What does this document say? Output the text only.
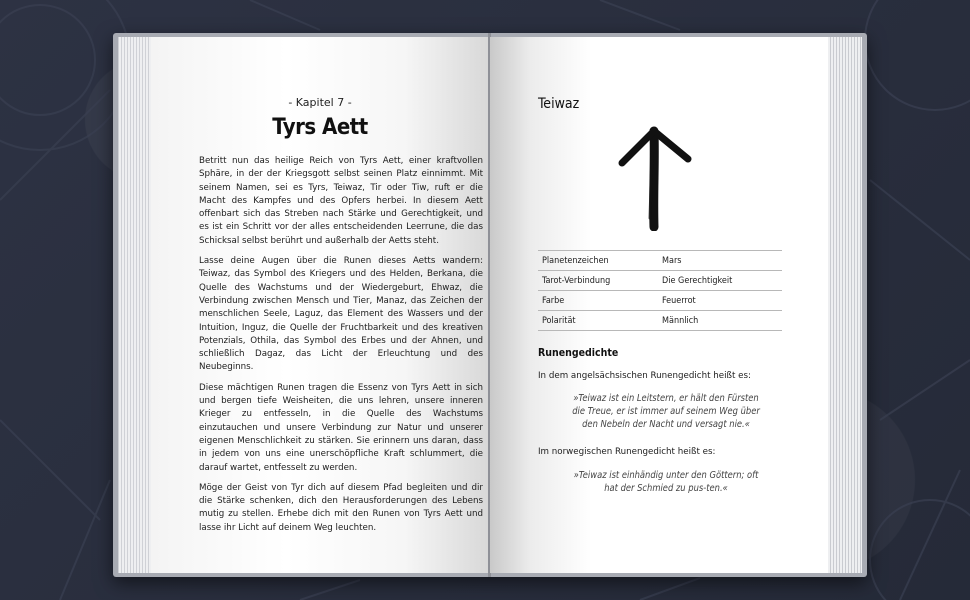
- Kapitel 7 -
Tyrs Aett

Betritt nun das heilige Reich von Tyrs Aett, einer kraftvollen Sphäre, in der der Kriegsgott selbst seinen Platz einnimmt. Mit seinem Namen, sei es Tyrs, Teiwaz, Tir oder Tiw, ruft er die Macht des Kampfes und des Opfers herbei. In diesem Aett offenbart sich das Streben nach Stärke und Gerechtigkeit, und es ist ein Schritt vor der alles entscheidenden Leerrune, die das Schicksal selbst berührt und außerhalb der Aetts steht.

Lasse deine Augen über die Runen dieses Aetts wandern: Teiwaz, das Symbol des Kriegers und des Helden, Berkana, die Quelle des Wachstums und der Wiedergeburt, Ehwaz, die Verbindung zwischen Mensch und Tier, Manaz, das Zeichen der menschlichen Seele, Laguz, das Element des Wassers und der Intuition, Inguz, die Quelle der Fruchtbarkeit und des kreativen Potenzials, Othila, das Symbol des Erbes und der Ahnen, und schließlich Dagaz, das Licht der Erleuchtung und des Neubeginns.

Diese mächtigen Runen tragen die Essenz von Tyrs Aett in sich und bergen tiefe Weisheiten, die uns lehren, unsere inneren Krieger zu entfesseln, in die Quelle des Wachstums einzutauchen und unsere Verbindung zur Natur und unserer eigenen Menschlichkeit zu stärken. Sie erinnern uns daran, dass in jedem von uns eine unerschöpfliche Kraft schlummert, die darauf wartet, entfesselt zu werden.

Möge der Geist von Tyr dich auf diesem Pfad begleiten und dir die Stärke schenken, dich den Herausforderungen des Lebens mutig zu stellen. Erhebe dich mit den Runen von Tyrs Aett und lasse ihr Licht auf deinem Weg leuchten.

Teiwaz
Planetenzeichen	Mars
Tarot-Verbindung	Die Gerechtigkeit
Farbe	Feuerrot
Polarität	Männlich
Runengedichte
In dem angelsächsischen Runengedicht heißt es:
»Teiwaz ist ein Leitstern, er hält den Fürsten
die Treue, er ist immer auf seinem Weg über
den Nebeln der Nacht und versagt nie.«
Im norwegischen Runengedicht heißt es:
»Teiwaz ist einhändig unter den Göttern; oft
hat der Schmied zu pus-ten.«
